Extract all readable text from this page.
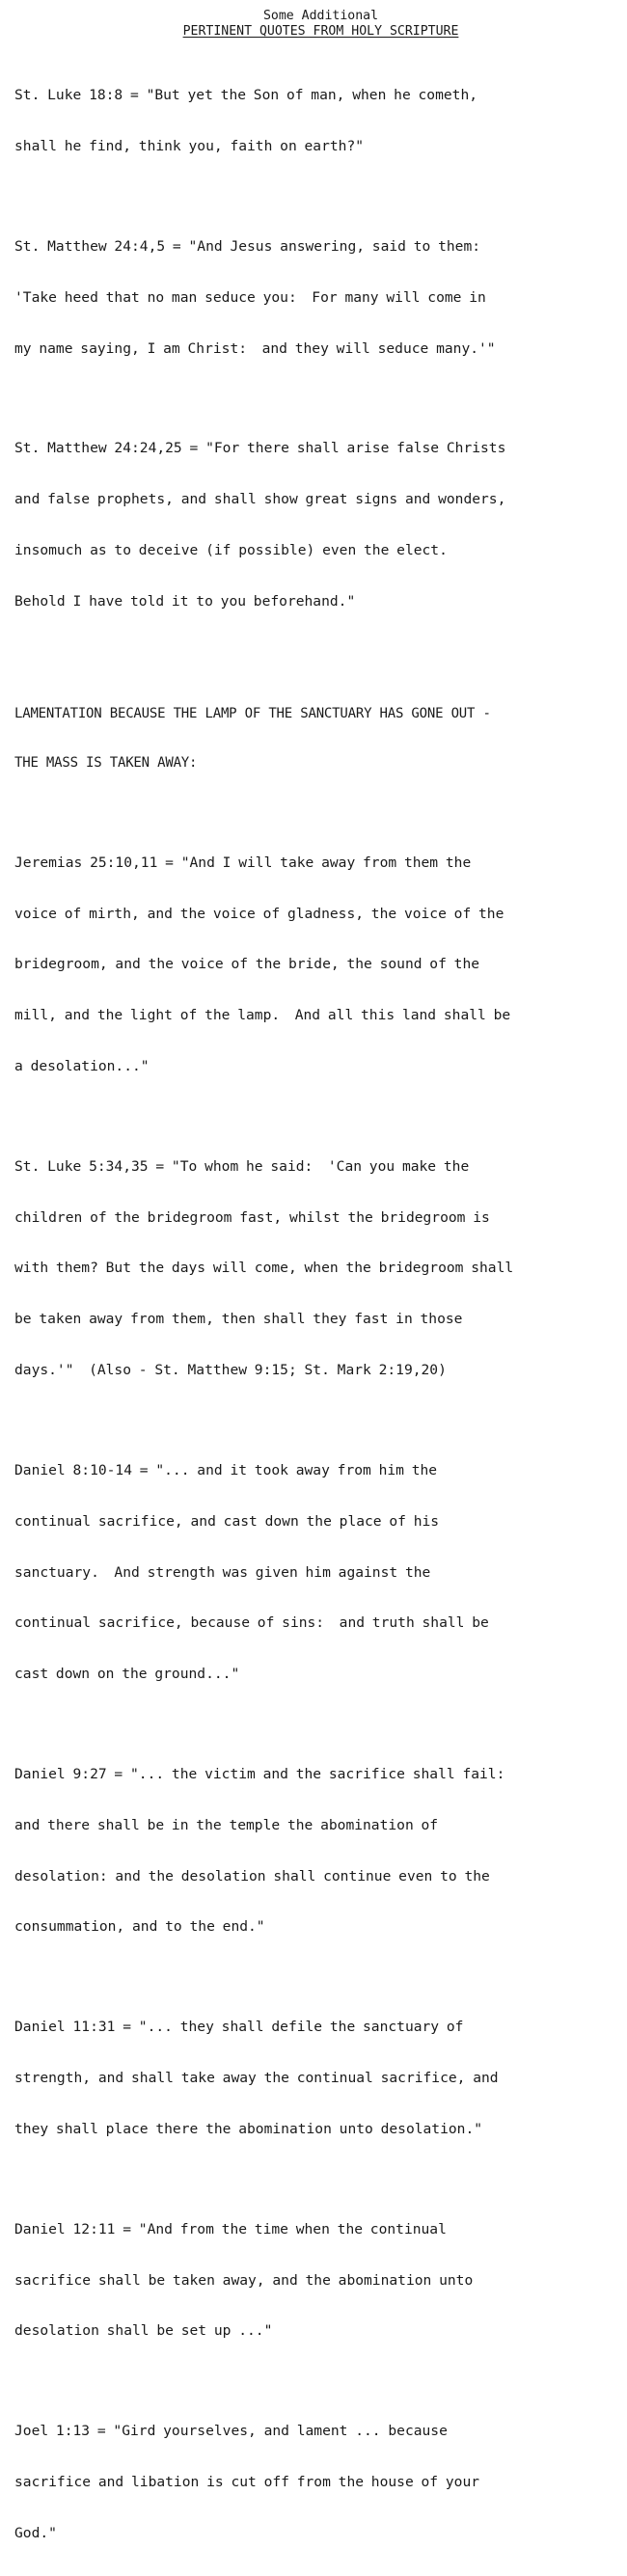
Some Additional
PERTINENT QUOTES FROM HOLY SCRIPTURE

St. Luke 18:8 = "But yet the Son of man, when he cometh,

shall he find, think you, faith on earth?"

St. Matthew 24:4,5 = "And Jesus answering, said to them:

'Take heed that no man seduce you:  For many will come in

my name saying, I am Christ:  and they will seduce many.'"

St. Matthew 24:24,25 = "For there shall arise false Christs

and false prophets, and shall show great signs and wonders,

insomuch as to deceive (if possible) even the elect.

Behold I have told it to you beforehand."

LAMENTATION BECAUSE THE LAMP OF THE SANCTUARY HAS GONE OUT -

THE MASS IS TAKEN AWAY:

Jeremias 25:10,11 = "And I will take away from them the

voice of mirth, and the voice of gladness, the voice of the

bridegroom, and the voice of the bride, the sound of the

mill, and the light of the lamp.  And all this land shall be

a desolation..."

St. Luke 5:34,35 = "To whom he said:  'Can you make the

children of the bridegroom fast, whilst the bridegroom is

with them? But the days will come, when the bridegroom shall

be taken away from them, then shall they fast in those

days.'"  (Also - St. Matthew 9:15; St. Mark 2:19,20)

Daniel 8:10-14 = "... and it took away from him the

continual sacrifice, and cast down the place of his

sanctuary.  And strength was given him against the

continual sacrifice, because of sins:  and truth shall be

cast down on the ground..."

Daniel 9:27 = "... the victim and the sacrifice shall fail:

and there shall be in the temple the abomination of

desolation: and the desolation shall continue even to the

consummation, and to the end."

Daniel 11:31 = "... they shall defile the sanctuary of

strength, and shall take away the continual sacrifice, and

they shall place there the abomination unto desolation."

Daniel 12:11 = "And from the time when the continual

sacrifice shall be taken away, and the abomination unto

desolation shall be set up ..."

Joel 1:13 = "Gird yourselves, and lament ... because

sacrifice and libation is cut off from the house of your

God."
